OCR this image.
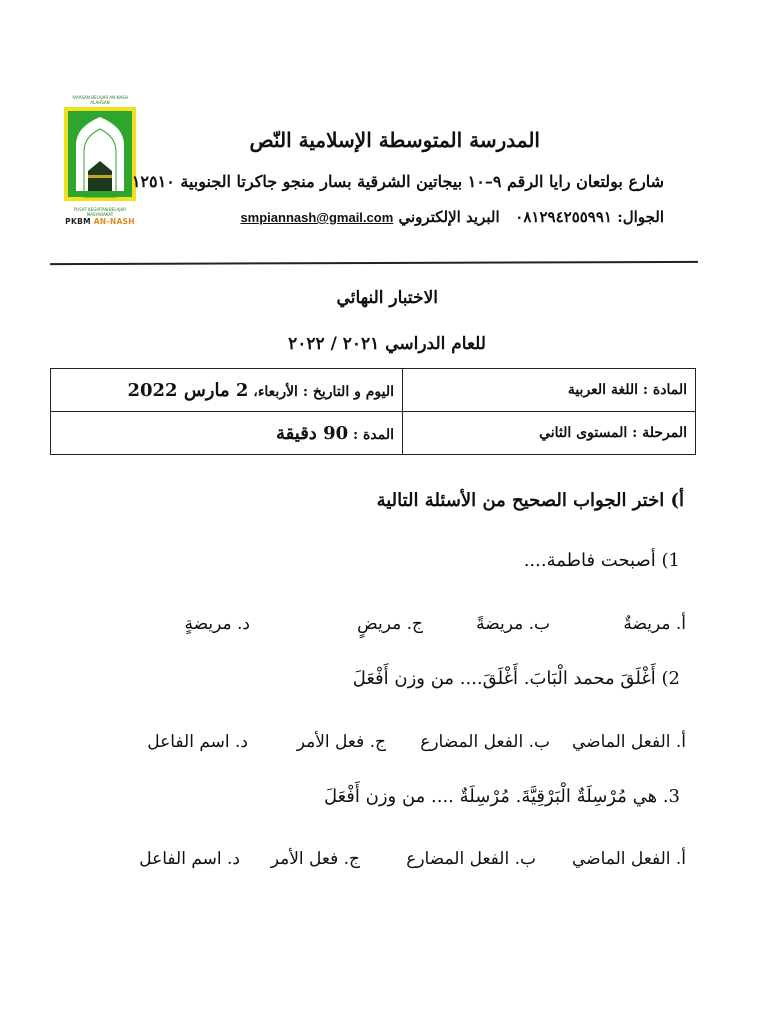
YAYASAN BELAJAR AN-NASH ALAHSAN
PUSAT KEGIATAN BELAJAR MASYARAKAT
PKBM AN-NASH
المدرسة المتوسطة الإسلامية النّص
شارع بولتعان رايا الرقم ٩–١٠ بيجاتين الشرقية بسار منجو جاكرتا الجنوبية ١٢٥١٠
الجوال: ٠٨١٢٩٤٢٥٥٩٩١   البريد الإلكتروني smpiannash@gmail.com
الاختبار النهائي
للعام الدراسي ٢٠٢١ / ٢٠٢٢
اليوم و التاريخ : الأربعاء، 2 مارس 2022	المادة : اللغة العربية
المدة : 90 دقيقة	المرحلة : المستوى الثاني
أ) اختر الجواب الصحيح من الأسئلة التالية
1) أصبحت فاطمة....
أ. مريضةٌ
ب. مريضةً
ج. مريضٍ
د. مريضةٍ
2) أَغْلَقَ محمد الْبَابَ. أَغْلَقَ.... من وزن أَفْعَلَ
أ. الفعل الماضي
ب. الفعل المضارع
ج. فعل الأمر
د. اسم الفاعل
3. هي مُرْسِلَةٌ الْبَرْقِيَّةَ. مُرْسِلَةٌ .... من وزن أَفْعَلَ
أ. الفعل الماضي
ب. الفعل المضارع
ج. فعل الأمر
د. اسم الفاعل
